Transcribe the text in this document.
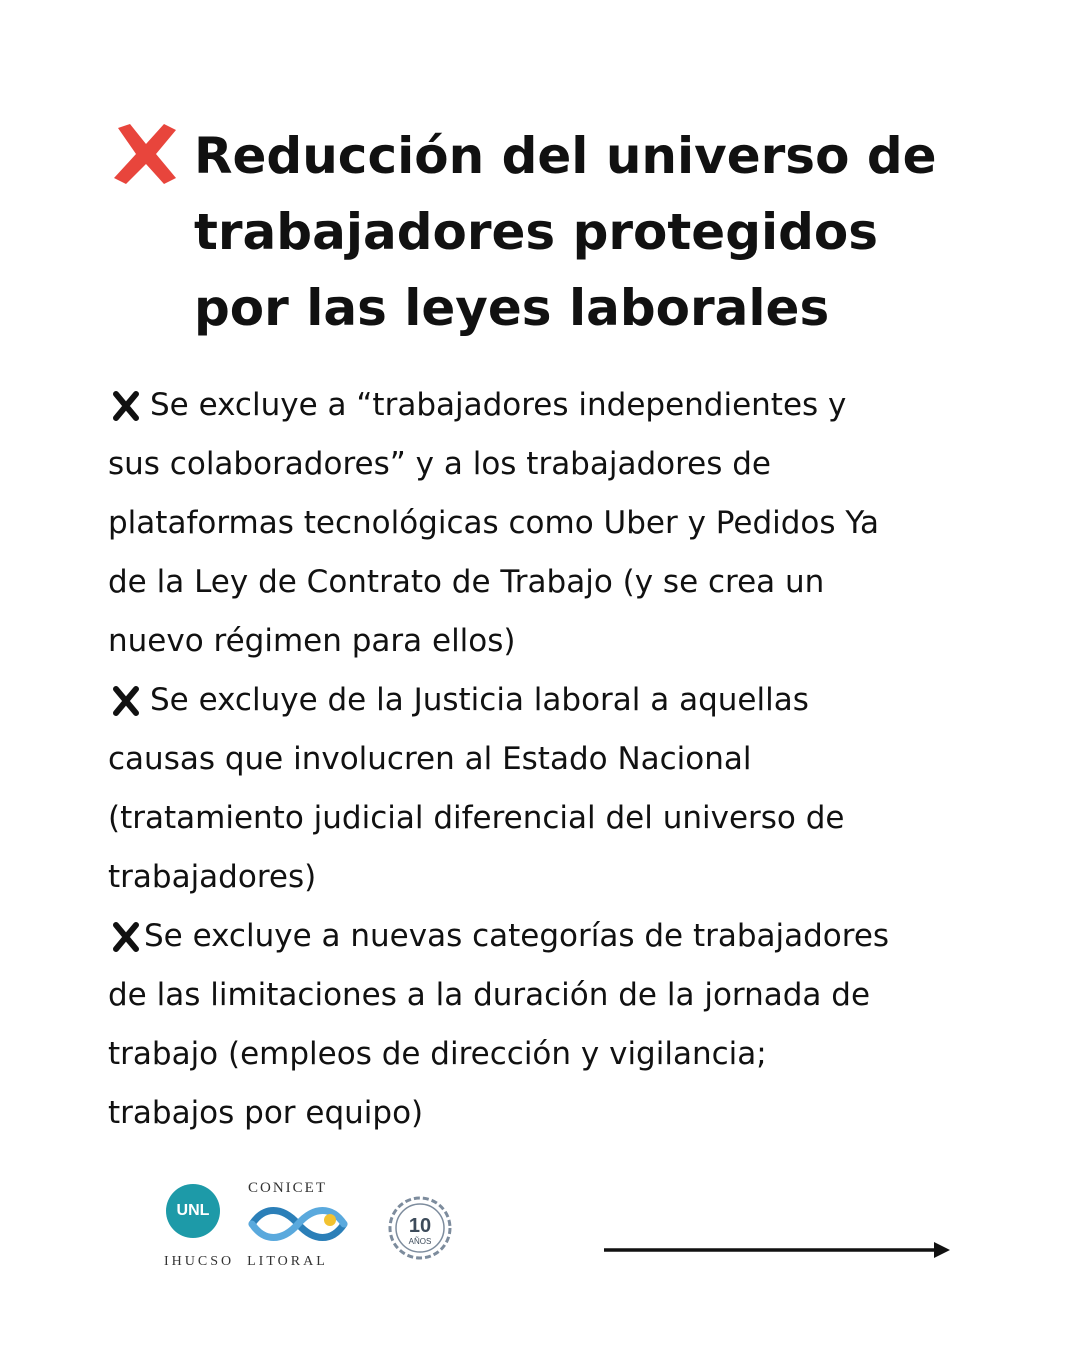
Reducción del universo de
trabajadores protegidos
por las leyes laborales

Se excluye a “trabajadores independientes y
sus colaboradores” y a los trabajadores de
plataformas tecnológicas como Uber y Pedidos Ya
de la Ley de Contrato de Trabajo (y se crea un
nuevo régimen para ellos)

Se excluye de la Justicia laboral a aquellas
causas que involucren al Estado Nacional
(tratamiento judicial diferencial del universo de
trabajadores)

Se excluye a nuevas categorías de trabajadores
de las limitaciones a la duración de la jornada de
trabajo (empleos de dirección y vigilancia;
trabajos por equipo)

UNL
CONICET
IHUCSO  LITORAL
10
AÑOS
